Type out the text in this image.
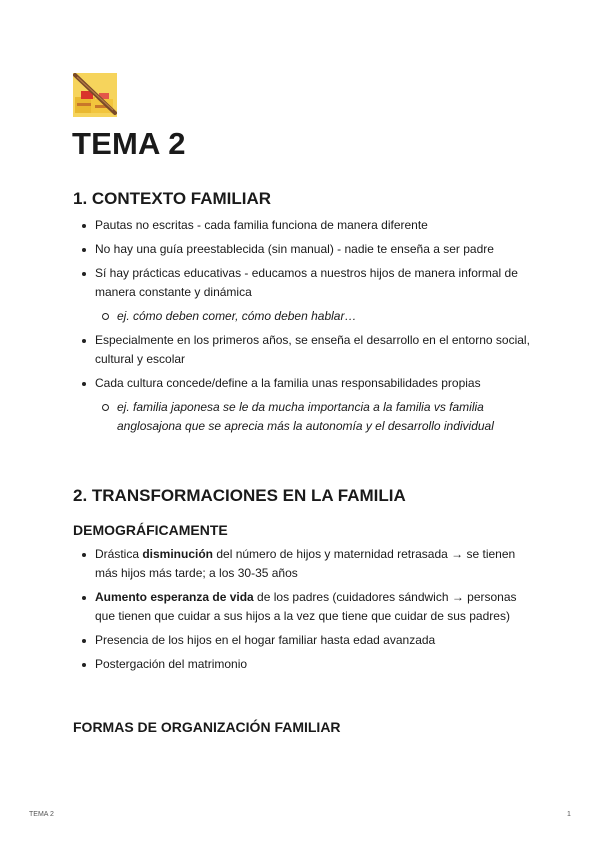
TEMA 2
1. CONTEXTO FAMILIAR
Pautas no escritas - cada familia funciona de manera diferente
No hay una guía preestablecida (sin manual) - nadie te enseña a ser padre
Sí hay prácticas educativas - educamos a nuestros hijos de manera informal de manera constante y dinámica
ej. cómo deben comer, cómo deben hablar…
Especialmente en los primeros años, se enseña el desarrollo en el entorno social, cultural y escolar
Cada cultura concede/define a la familia unas responsabilidades propias
ej. familia japonesa se le da mucha importancia a la familia vs familia anglosajona que se aprecia más la autonomía y el desarrollo individual
2. TRANSFORMACIONES EN LA FAMILIA
DEMOGRÁFICAMENTE
Drástica disminución del número de hijos y maternidad retrasada → se tienen más hijos más tarde; a los 30-35 años
Aumento esperanza de vida de los padres (cuidadores sándwich → personas que tienen que cuidar a sus hijos a la vez que tiene que cuidar de sus padres)
Presencia de los hijos en el hogar familiar hasta edad avanzada
Postergación del matrimonio
FORMAS DE ORGANIZACIÓN FAMILIAR
TEMA 2	1
